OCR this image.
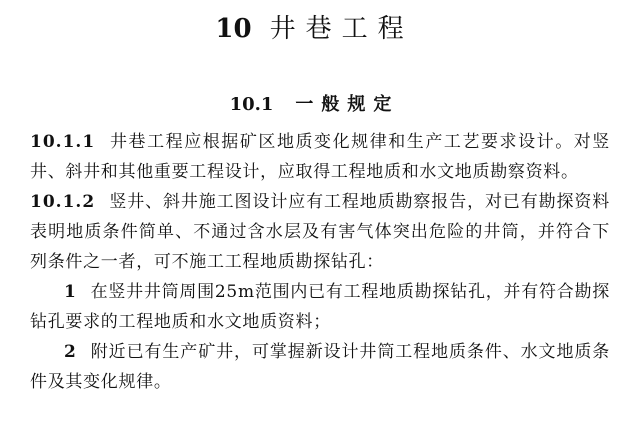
10 井巷工程
10.1 一般规定

10.1.1 井巷工程应根据矿区地质变化规律和生产工艺要求设计。对竖井、斜井和其他重要工程设计，应取得工程地质和水文地质勘察资料。

10.1.2 竖井、斜井施工图设计应有工程地质勘察报告，对已有勘探资料表明地质条件简单、不通过含水层及有害气体突出危险的井筒，并符合下列条件之一者，可不施工工程地质勘探钻孔：

1 在竖井井筒周围25m范围内已有工程地质勘探钻孔，并有符合勘探钻孔要求的工程地质和水文地质资料；

2 附近已有生产矿井，可掌握新设计井筒工程地质条件、水文地质条件及其变化规律。
